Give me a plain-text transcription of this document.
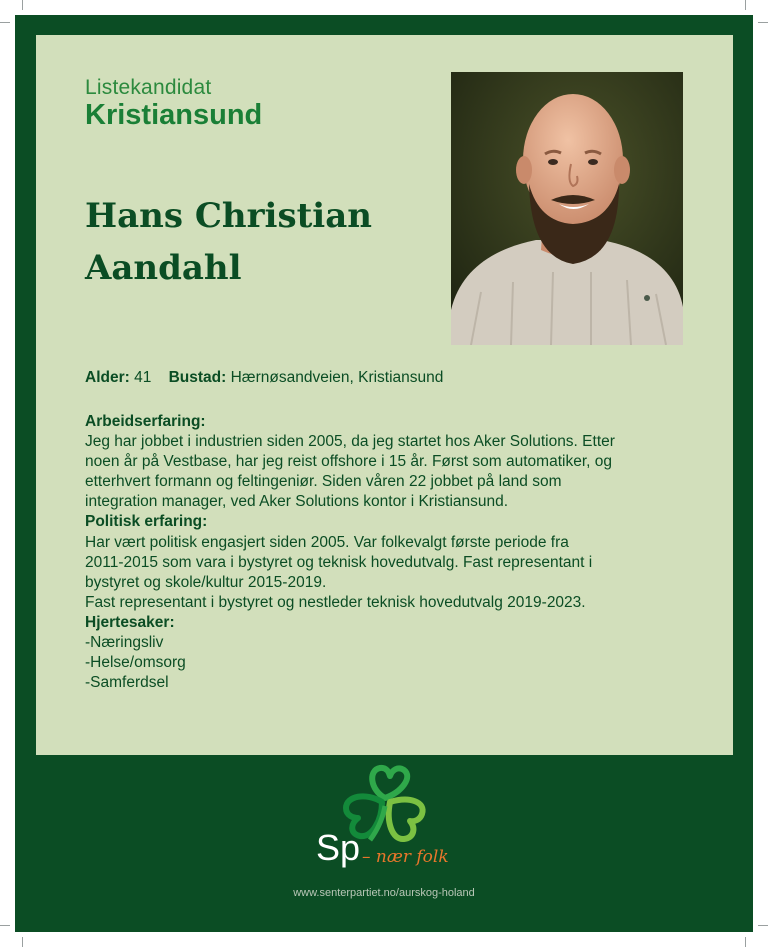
Listekandidat
Kristiansund
Hans Christian
Aandahl
Alder: 41 Bustad: Hærnøsandveien, Kristiansund

Arbeidserfaring:

Jeg har jobbet i industrien siden 2005, da jeg startet hos Aker Solutions. Etter

noen år på Vestbase, har jeg reist offshore i 15 år. Først som automatiker, og

etterhvert formann og feltingeniør. Siden våren 22 jobbet på land som

integration manager, ved Aker Solutions kontor i Kristiansund.

Politisk erfaring:

Har vært politisk engasjert siden 2005. Var folkevalgt første periode fra

2011-2015 som vara i bystyret og teknisk hovedutvalg. Fast representant i

bystyret og skole/kultur 2015-2019.

Fast representant i bystyret og nestleder teknisk hovedutvalg 2019-2023.

Hjertesaker:

-Næringsliv

-Helse/omsorg

-Samferdsel

Sp – nær folk
www.senterpartiet.no/aurskog-holand
